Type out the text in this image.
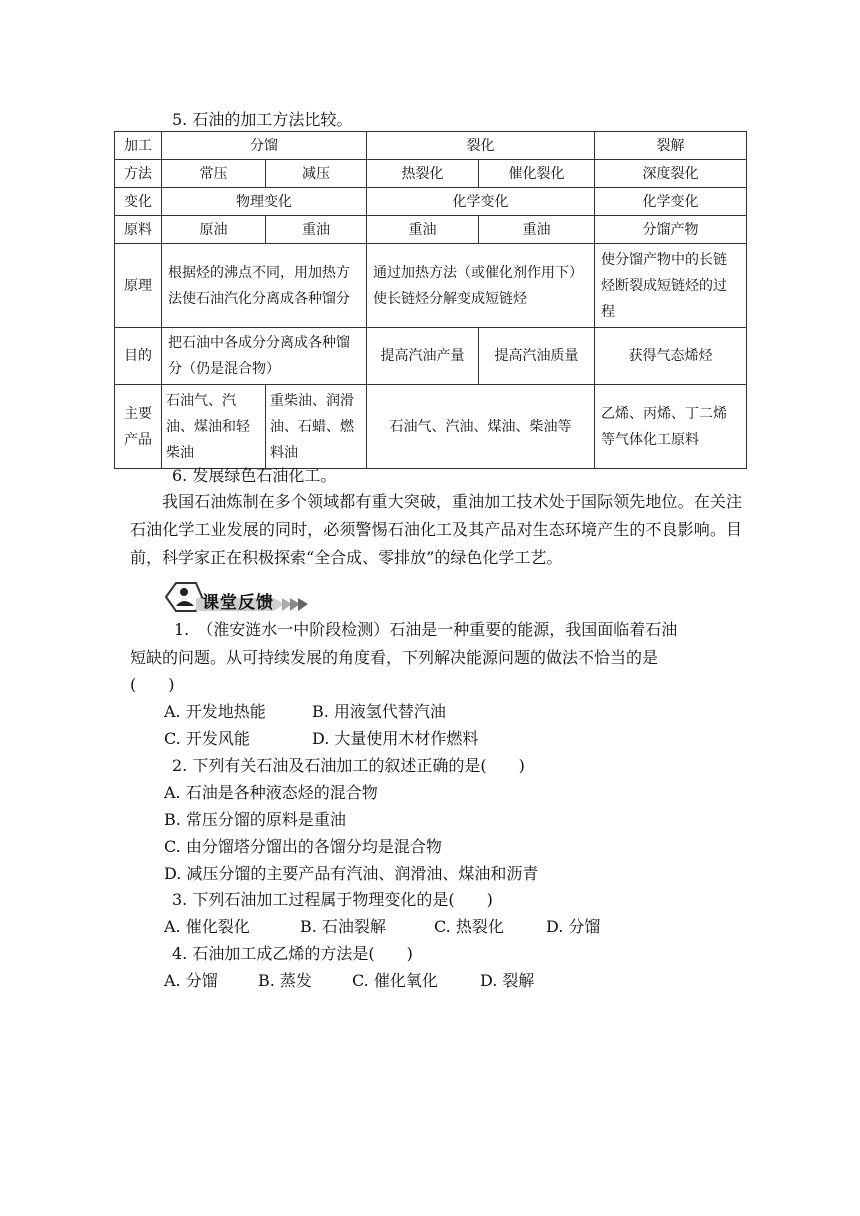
5. 石油的加工方法比较。
加工	分馏		裂化		裂解
方法	常压	减压	热裂化	催化裂化	深度裂化
变化	物理变化		化学变化		化学变化
原料	原油	重油	重油	重油	分馏产物
原理	根据烃的沸点不同，用加热方法使石油汽化分离成各种馏分		通过加热方法（或催化剂作用下）使长链烃分解变成短链烃		使分馏产物中的长链烃断裂成短链烃的过程
目的	把石油中各成分分离成各种馏分（仍是混合物）		提高汽油产量	提高汽油质量	获得气态烯烃

主要
产品	石油气、汽油、煤油和轻柴油	重柴油、润滑油、石蜡、燃料油	石油气、汽油、煤油、柴油等		乙烯、丙烯、丁二烯等气体化工原料
6. 发展绿色石油化工。
我国石油炼制在多个领域都有重大突破，重油加工技术处于国际领先地位。在关注石油化学工业发展的同时，必须警惕石油化工及其产品对生态环境产生的不良影响。目前，科学家正在积极探索“全合成、零排放”的绿色化学工艺。
课堂反馈
1.　（淮安涟水一中阶段检测）石油是一种重要的能源，我国面临着石油
短缺的问题。从可持续发展的角度看，下列解决能源问题的做法不恰当的是
(　　)
A. 开发地热能	B. 用液氢代替汽油
C. 开发风能	D. 大量使用木材作燃料
2. 下列有关石油及石油加工的叙述正确的是(　　)
A. 石油是各种液态烃的混合物
B. 常压分馏的原料是重油
C. 由分馏塔分馏出的各馏分均是混合物
D. 减压分馏的主要产品有汽油、润滑油、煤油和沥青
3. 下列石油加工过程属于物理变化的是(　　)
A. 催化裂化	B. 石油裂解	C. 热裂化	D. 分馏
4. 石油加工成乙烯的方法是(　　)
A. 分馏	B. 蒸发	C. 催化氧化	D. 裂解
